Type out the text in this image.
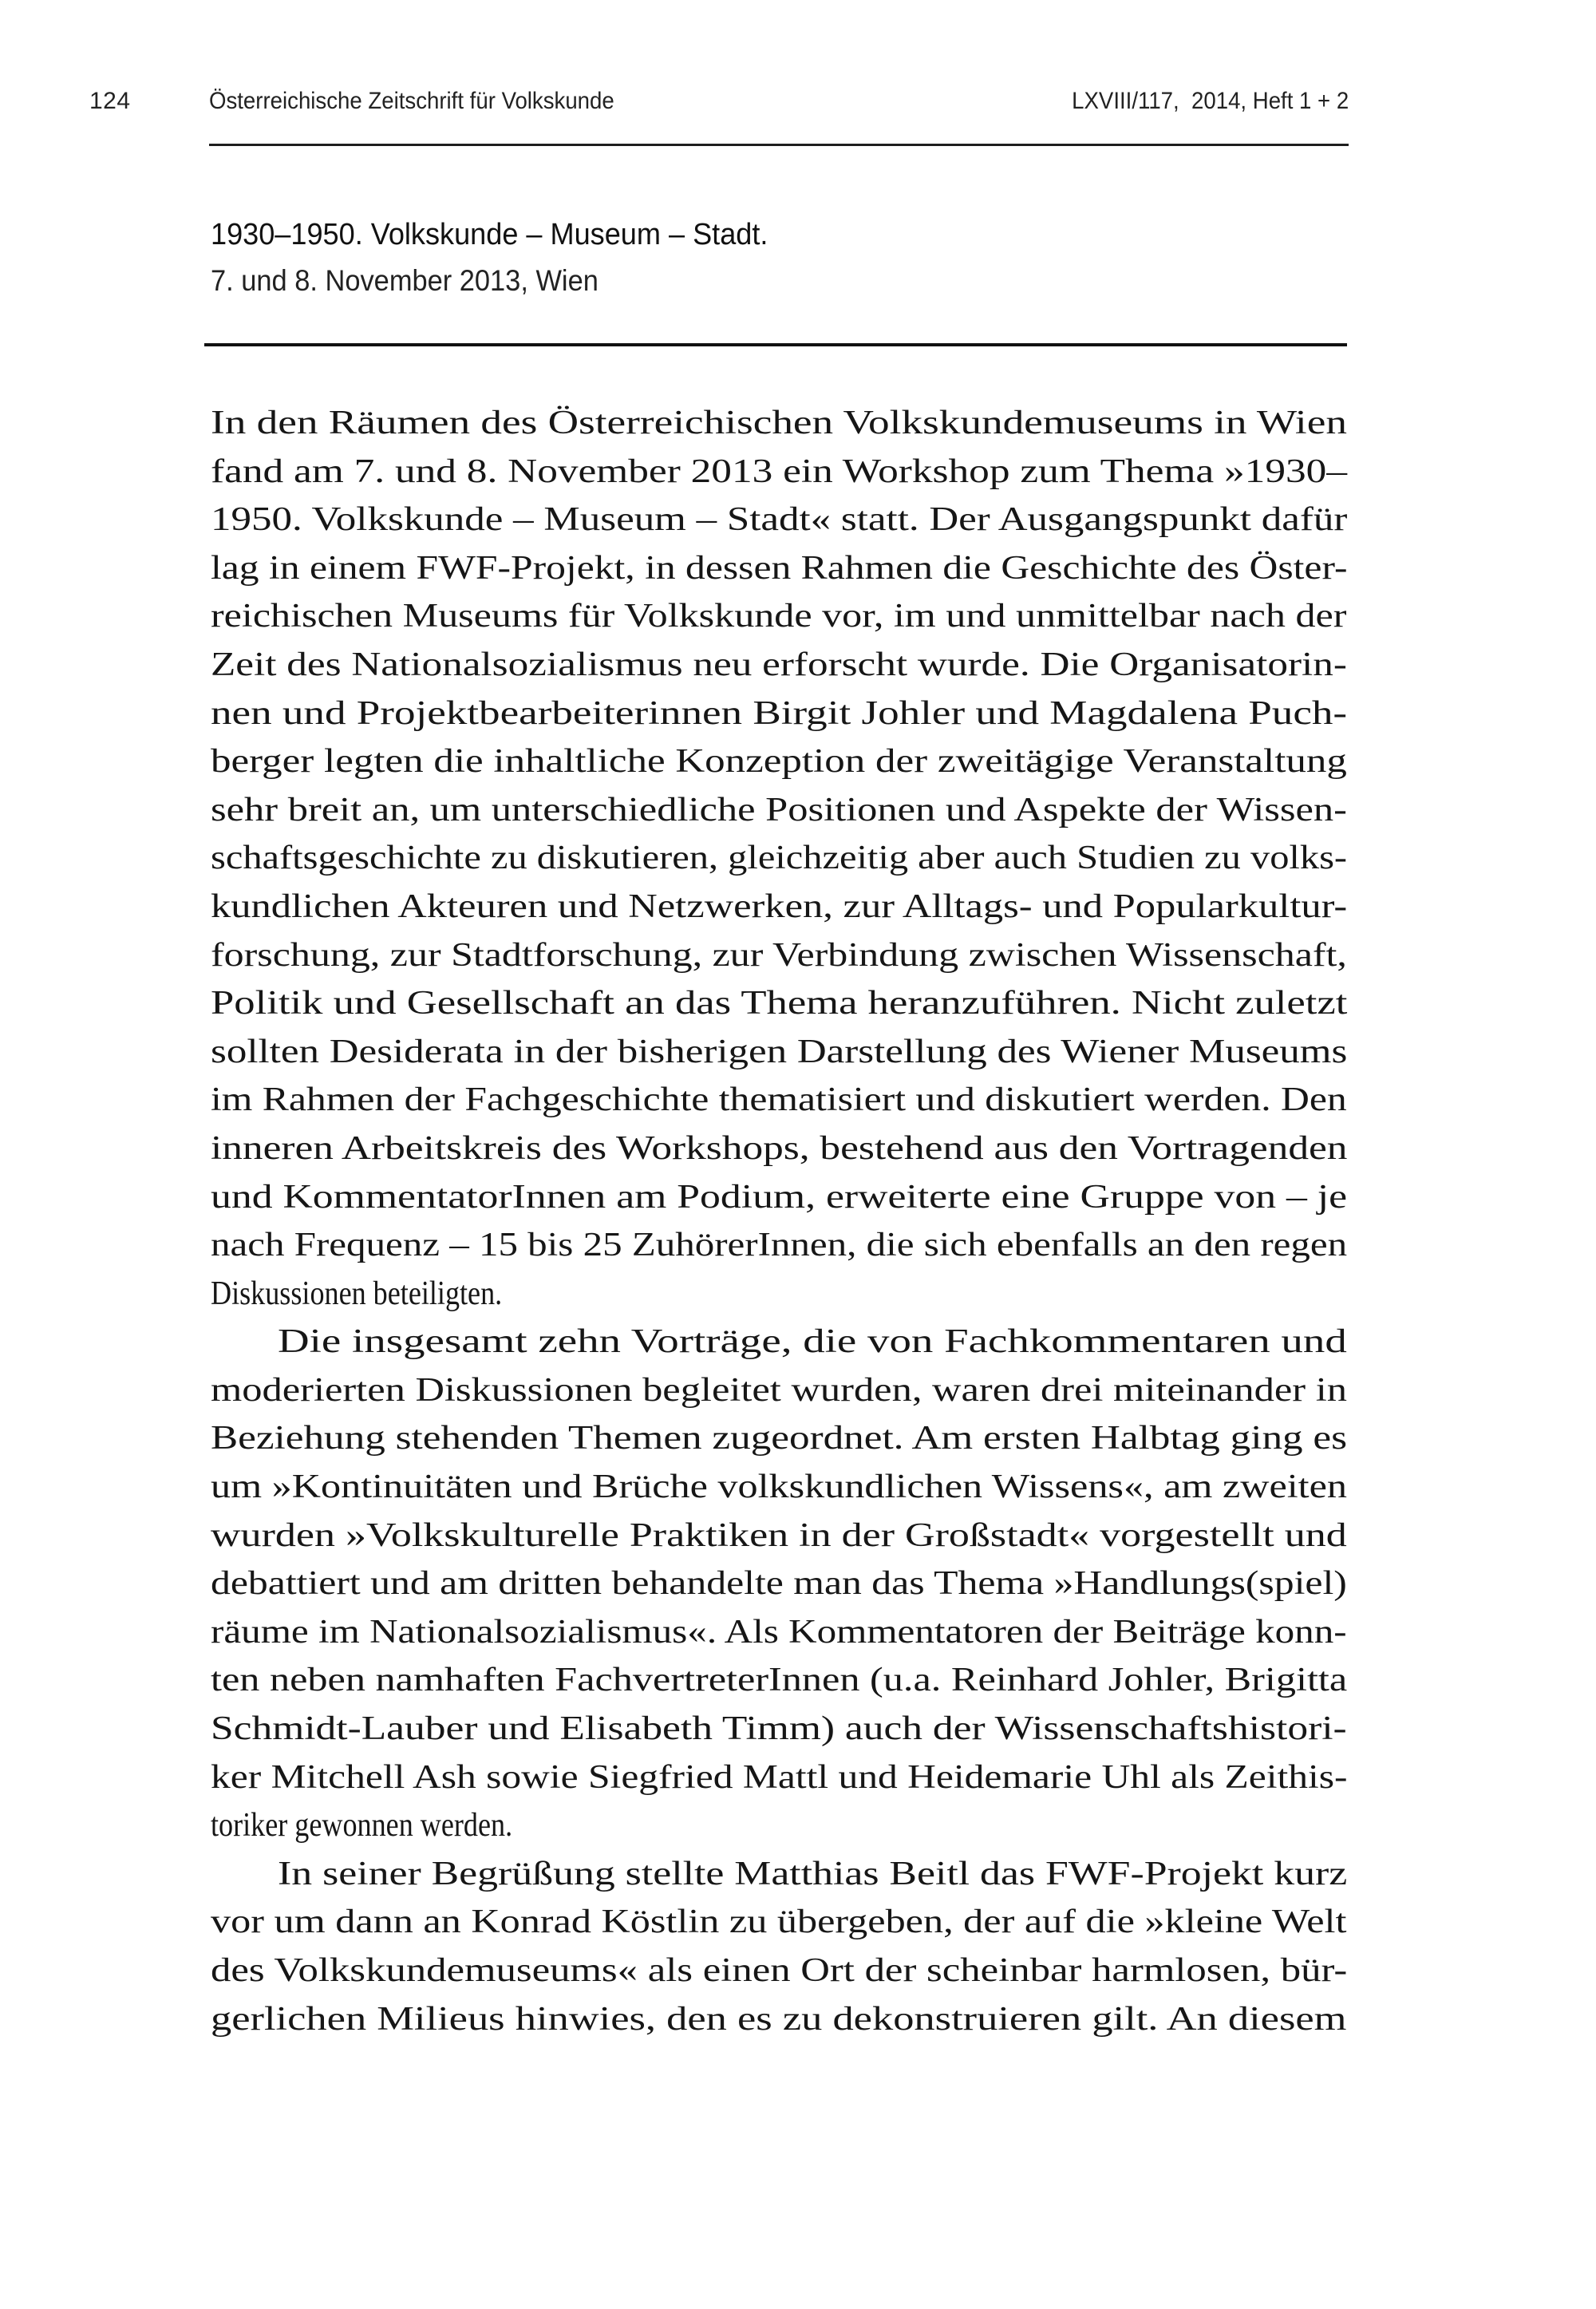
124	Österreichische Zeitschrift für Volkskunde	LXVIII/117,  2014, Heft 1 + 2
1930–1950. Volkskunde – Museum – Stadt.
7. und 8. November 2013, Wien
In den Räumen des Österreichischen Volkskundemuseums in Wien
fand am 7. und 8. November 2013 ein Workshop zum Thema »1930–
1950. Volkskunde – Museum – Stadt« statt. Der Ausgangspunkt dafür
lag in einem FWF-Projekt, in dessen Rahmen die Geschichte des Öster-
reichischen Museums für Volkskunde vor, im und unmittelbar nach der
Zeit des Nationalsozialismus neu erforscht wurde. Die Organisatorin-
nen und Projektbearbeiterinnen Birgit Johler und Magdalena Puch-
berger legten die inhaltliche Konzeption der zweitägige Veranstaltung
sehr breit an, um unterschiedliche Positionen und Aspekte der Wissen-
schaftsgeschichte zu diskutieren, gleichzeitig aber auch Studien zu volks-
kundlichen Akteuren und Netzwerken, zur Alltags- und Popularkultur-
forschung, zur Stadtforschung, zur Verbindung zwischen Wissenschaft,
Politik und Gesellschaft an das Thema heranzuführen. Nicht zuletzt
sollten Desiderata in der bisherigen Darstellung des Wiener Museums
im Rahmen der Fachgeschichte thematisiert und diskutiert werden. Den
inneren Arbeitskreis des Workshops, bestehend aus den Vortragenden
und KommentatorInnen am Podium, erweiterte eine Gruppe von – je
nach Frequenz – 15 bis 25 ZuhörerInnen, die sich ebenfalls an den regen
Diskussionen beteiligten.
Die insgesamt zehn Vorträge, die von Fachkommentaren und
moderierten Diskussionen begleitet wurden, waren drei miteinander in
Beziehung stehenden Themen zugeordnet. Am ersten Halbtag ging es
um »Kontinuitäten und Brüche volkskundlichen Wissens«, am zweiten
wurden »Volkskulturelle Praktiken in der Großstadt« vorgestellt und
debattiert und am dritten behandelte man das Thema »Handlungs(spiel)
räume im Nationalsozialismus«. Als Kommentatoren der Beiträge konn-
ten neben namhaften FachvertreterInnen (u.a. Reinhard Johler, Brigitta
Schmidt-Lauber und Elisabeth Timm) auch der Wissenschaftshistori-
ker Mitchell Ash sowie Siegfried Mattl und Heidemarie Uhl als Zeithis-
toriker gewonnen werden.
In seiner Begrüßung stellte Matthias Beitl das FWF-Projekt kurz
vor um dann an Konrad Köstlin zu übergeben, der auf die »kleine Welt
des Volkskundemuseums« als einen Ort der scheinbar harmlosen, bür-
gerlichen Milieus hinwies, den es zu dekonstruieren gilt. An diesem
